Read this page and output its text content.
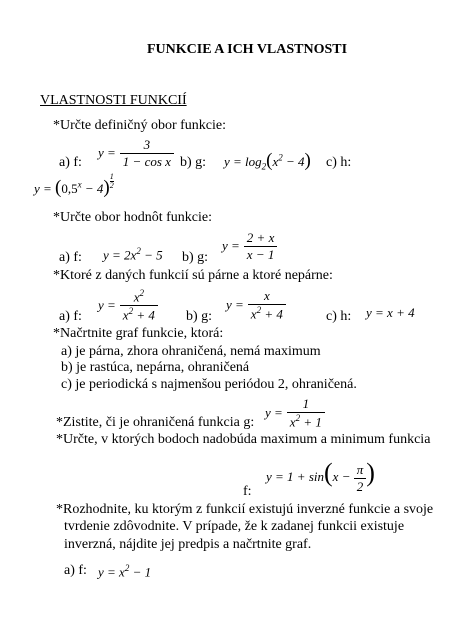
FUNKCIE A ICH VLASTNOSTI
VLASTNOSTI FUNKCIÍ
*Určte definičný obor funkcie:
a) f:
$y = \frac{3}{\text{1 − cos x}} b$) g: $y = \log_2(x^2 - 4)$ c) h:
$y = (0,5^x - 4) \frac{1}{2}$
*Určte obor hodnôt funkcie:
a) f: $y = 2x^2 - 5$ b) g:
$y = \frac{2 + x}{x - 1}$
*Ktoré z daných funkcií sú párne a ktoré nepárne:
a) f:
$y = \frac{x^2}{x^2 + 4} b$) g:
$y = \frac{x}{x^2 + 4}$	c) h: y = x + 4
*Načrtnite graf funkcie, ktorá:
a) je párna, zhora ohraničená, nemá maximum
b) je rastúca, nepárna, ohraničená
c) je periodická s najmenšou periódou 2, ohraničená.
*Zistite, či je ohraničená funkcia g:
$y = \frac{1}{x^2 + 1}$
*Určte, v ktorých bodoch nadobúda maximum a minimum funkcia
f:
$y = 1 + \sin(x - \frac{\pi}{2}$ )
*Rozhodnite, ku ktorým z funkcií existujú inverzné funkcie a svoje
tvrdenie zdôvodnite. V prípade, že k zadanej funkcii existuje
inverzná, nájdite jej predpis a načrtnite graf.
a) f: $y = x^2 - 1$
